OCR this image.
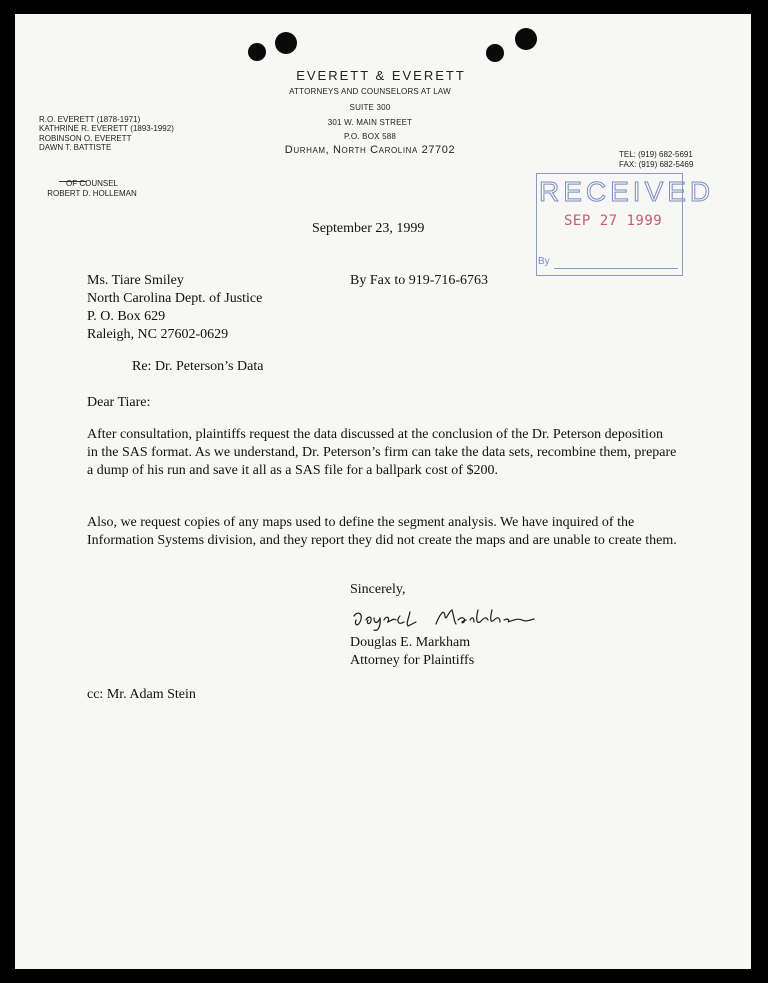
EVERETT & EVERETT
ATTORNEYS AND COUNSELORS AT LAW
SUITE 300
301 W. MAIN STREET
P.O. BOX 588
Durham, North Carolina 27702
R.O. EVERETT (1878-1971)
KATHRINE R. EVERETT (1893-1992)
ROBINSON O. EVERETT
DAWN T. BATTISTE
OF COUNSEL
ROBERT D. HOLLEMAN
TEL: (919) 682-5691
FAX: (919) 682-5469
RECEIVED
SEP 27 1999
By
September 23, 1999
Ms. Tiare Smiley
North Carolina Dept. of Justice
P. O. Box 629
Raleigh, NC 27602-0629
By Fax to 919-716-6763
Re: Dr. Peterson’s Data
Dear Tiare:
After consultation, plaintiffs request the data discussed at the conclusion of the Dr. Peterson deposition in the SAS format. As we understand, Dr. Peterson’s firm can take the data sets, recombine them, prepare a dump of his run and save it all as a SAS file for a ballpark cost of $200.
Also, we request copies of any maps used to define the segment analysis. We have inquired of the Information Systems division, and they report they did not create the maps and are unable to create them.
Sincerely,
Douglas E. Markham
Attorney for Plaintiffs
cc: Mr. Adam Stein
